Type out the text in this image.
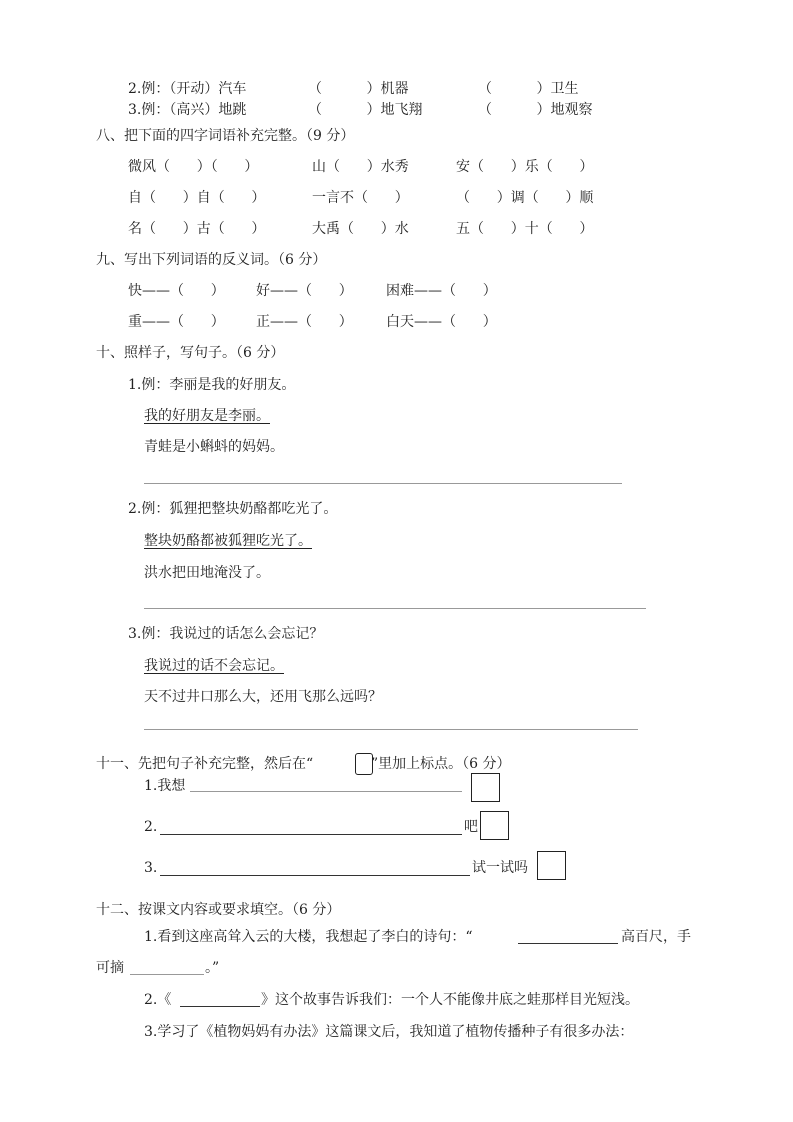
2.例：（开动）汽车	（          ）机器	（          ）卫生
3.例：（高兴）地跳	（          ）地飞翔	（          ）地观察
八、把下面的四字词语补充完整。（9 分）
微风（      ）（      ）	山（      ）水秀	安（      ）乐（      ）
自（      ）自（      ）	一言不（      ）	（      ）调（      ）顺
名（      ）古（      ）	大禹（      ）水	五（      ）十（      ）
九、写出下列词语的反义词。（6 分）
快——（      ） 好——（      ） 困难——（      ）
重——（      ） 正——（      ） 白天——（      ）
十、照样子，写句子。（6 分）
1.例：李丽是我的好朋友。
我的好朋友是李丽。
青蛙是小蝌蚪的妈妈。
2.例：狐狸把整块奶酪都吃光了。
整块奶酪都被狐狸吃光了。
洪水把田地淹没了。
3.例：我说过的话怎么会忘记？
我说过的话不会忘记。
天不过井口那么大，还用飞那么远吗？
十一、先把句子补充完整，然后在“	”里加上标点。（6 分）
1.我想
2.	吧
3.	试一试吗
十二、按课文内容或要求填空。（6 分）
1.看到这座高耸入云的大楼，我想起了李白的诗句：“	高百尺，手
可摘	。”
2.《	》这个故事告诉我们：一个人不能像井底之蛙那样目光短浅。
3.学习了《植物妈妈有办法》这篇课文后，我知道了植物传播种子有很多办法：
